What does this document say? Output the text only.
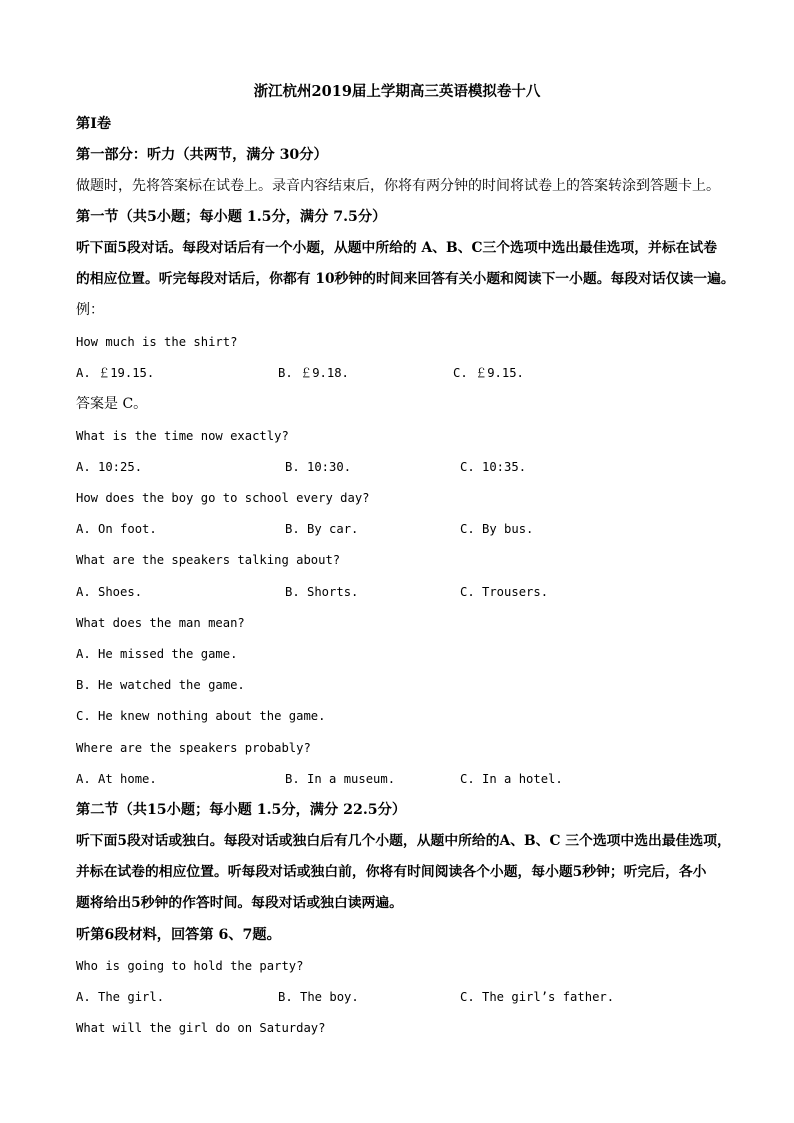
浙江杭州2019届上学期高三英语模拟卷十八
第Ⅰ卷
第一部分：听力（共两节，满分 30分）
做题时，先将答案标在试卷上。录音内容结束后，你将有两分钟的时间将试卷上的答案转涂到答题卡上。
第一节（共5小题；每小题 1.5分，满分 7.5分）
听下面5段对话。每段对话后有一个小题，从题中所给的 A、B、C三个选项中选出最佳选项，并标在试卷
的相应位置。听完每段对话后，你都有 10秒钟的时间来回答有关小题和阅读下一小题。每段对话仅读一遍。
例：
How much is the shirt?
A. ￡19.15.	B. ￡9.18.	C. ￡9.15.
答案是 C。
What is the time now exactly?
A. 10:25.	B. 10:30.	C. 10:35.
How does the boy go to school every day?
A. On foot.	B. By car.	C. By bus.
What are the speakers talking about?
A. Shoes.	B. Shorts.	C. Trousers.
What does the man mean?
A. He missed the game.
B. He watched the game.
C. He knew nothing about the game.
Where are the speakers probably?
A. At home.	B. In a museum.	C. In a hotel.
第二节（共15小题；每小题 1.5分，满分 22.5分）
听下面5段对话或独白。每段对话或独白后有几个小题，从题中所给的A、B、C 三个选项中选出最佳选项，
并标在试卷的相应位置。听每段对话或独白前，你将有时间阅读各个小题，每小题5秒钟；听完后，各小
题将给出5秒钟的作答时间。每段对话或独白读两遍。
听第6段材料，回答第 6、7题。
Who is going to hold the party?
A. The girl.	B. The boy.	C. The girl’s father.
What will the girl do on Saturday?
